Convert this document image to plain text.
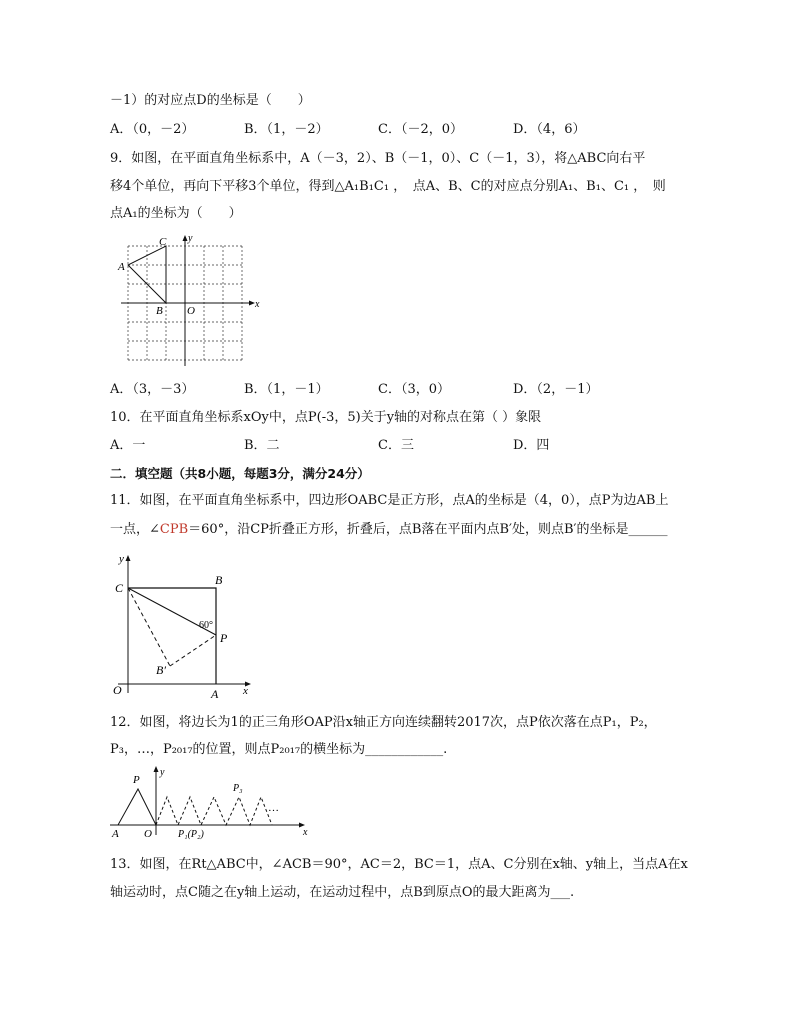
－1）的对应点D的坐标是（　　）
A．（0，－2）	B．（1，－2）	C．（－2，0）	D．（4，6）
9．如图，在平面直角坐标系中，A（－3，2）、B（－1，0）、C（－1，3），将△ABC向右平
移4个单位，再向下平移3个单位，得到△A₁B₁C₁ ，　点A、B、C的对应点分别A₁、B₁、C₁ ，　则
点A₁的坐标为（　　）
C y
A
B O
x
A．（3，－3）	B．（1，－1）	C．（3，0）	D．（2，－1）
10．在平面直角坐标系xOy中，点P(-3，5)关于y轴的对称点在第（ ）象限
A．一	B．二	C．三	D．四
二．填空题（共8小题，每题3分，满分24分）
11．如图，在平面直角坐标系中，四边形OABC是正方形，点A的坐标是（4，0），点P为边AB上
一点，∠CPB＝60°，沿CP折叠正方形，折叠后，点B落在平面内点B′处，则点B′的坐标是______
y
C
B
60°
P
B′
O	A x
12．如图，将边长为1的正三角形OAP沿x轴正方向连续翻转2017次，点P依次落在点P₁，P₂，
P₃，…，P₂₀₁₇的位置，则点P₂₀₁₇的横坐标为____________.
P
y
P₃
…
A O	P₁(P₂)	x
13．如图，在Rt△ABC中，∠ACB＝90°，AC＝2，BC＝1，点A、C分别在x轴、y轴上，当点A在x
轴运动时，点C随之在y轴上运动，在运动过程中，点B到原点O的最大距离为___.
